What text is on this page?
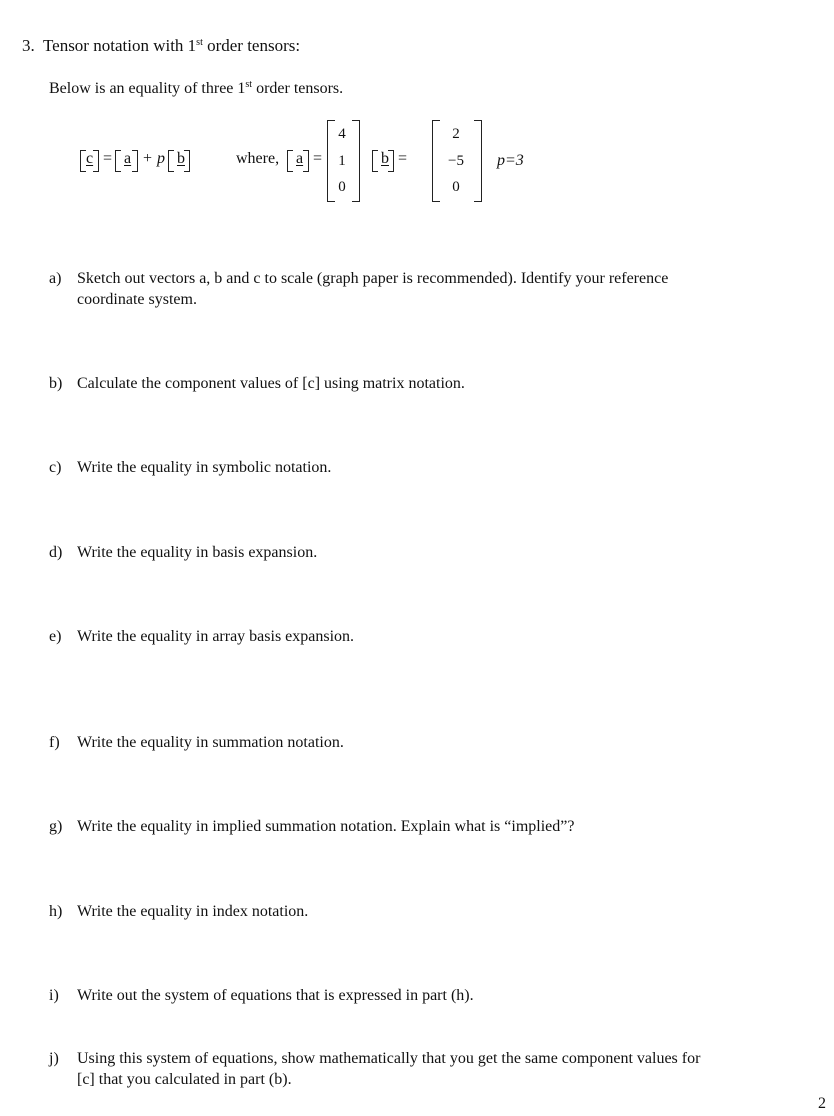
3. Tensor notation with 1st order tensors:
Below is an equality of three 1st order tensors.
c = a + p b	where, a =
4
1
0
b =
2
−5
0
p=3
a) Sketch out vectors a, b and c to scale (graph paper is recommended). Identify your reference
coordinate system.
b) Calculate the component values of [c] using matrix notation.
c) Write the equality in symbolic notation.
d) Write the equality in basis expansion.
e) Write the equality in array basis expansion.
f) Write the equality in summation notation.
g) Write the equality in implied summation notation. Explain what is “implied”?
h) Write the equality in index notation.
i) Write out the system of equations that is expressed in part (h).
j) Using this system of equations, show mathematically that you get the same component values for
[c] that you calculated in part (b).
2
